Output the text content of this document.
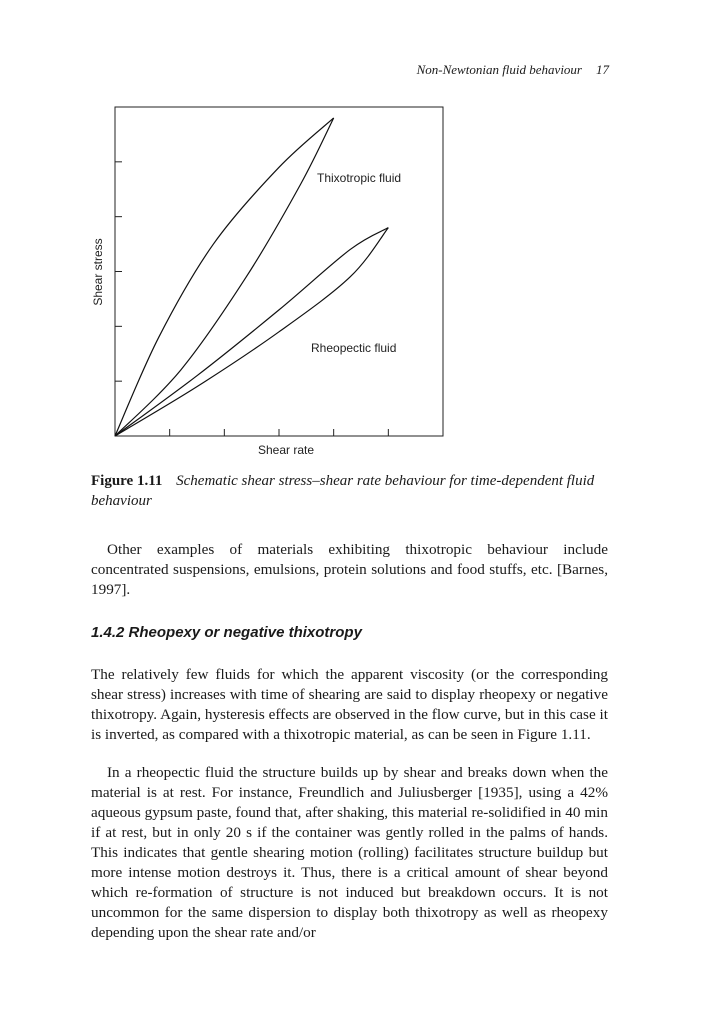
Non-Newtonian fluid behaviour 17
Shear rate
Shear stress
Thixotropic fluid
Rheopectic fluid
Figure 1.11 Schematic shear stress–shear rate behaviour for time-dependent fluid behaviour

Other examples of materials exhibiting thixotropic behaviour include concentrated suspensions, emulsions, protein solutions and food stuffs, etc. [Barnes, 1997].

1.4.2 Rheopexy or negative thixotropy

The relatively few fluids for which the apparent viscosity (or the corresponding shear stress) increases with time of shearing are said to display rheopexy or negative thixotropy. Again, hysteresis effects are observed in the flow curve, but in this case it is inverted, as compared with a thixotropic material, as can be seen in Figure 1.11.

In a rheopectic fluid the structure builds up by shear and breaks down when the material is at rest. For instance, Freundlich and Juliusberger [1935], using a 42% aqueous gypsum paste, found that, after shaking, this material re-solidified in 40 min if at rest, but in only 20 s if the container was gently rolled in the palms of hands. This indicates that gentle shearing motion (rolling) facilitates structure buildup but more intense motion destroys it. Thus, there is a critical amount of shear beyond which re-formation of structure is not induced but breakdown occurs. It is not uncommon for the same dispersion to display both thixotropy as well as rheopexy depending upon the shear rate and/or
